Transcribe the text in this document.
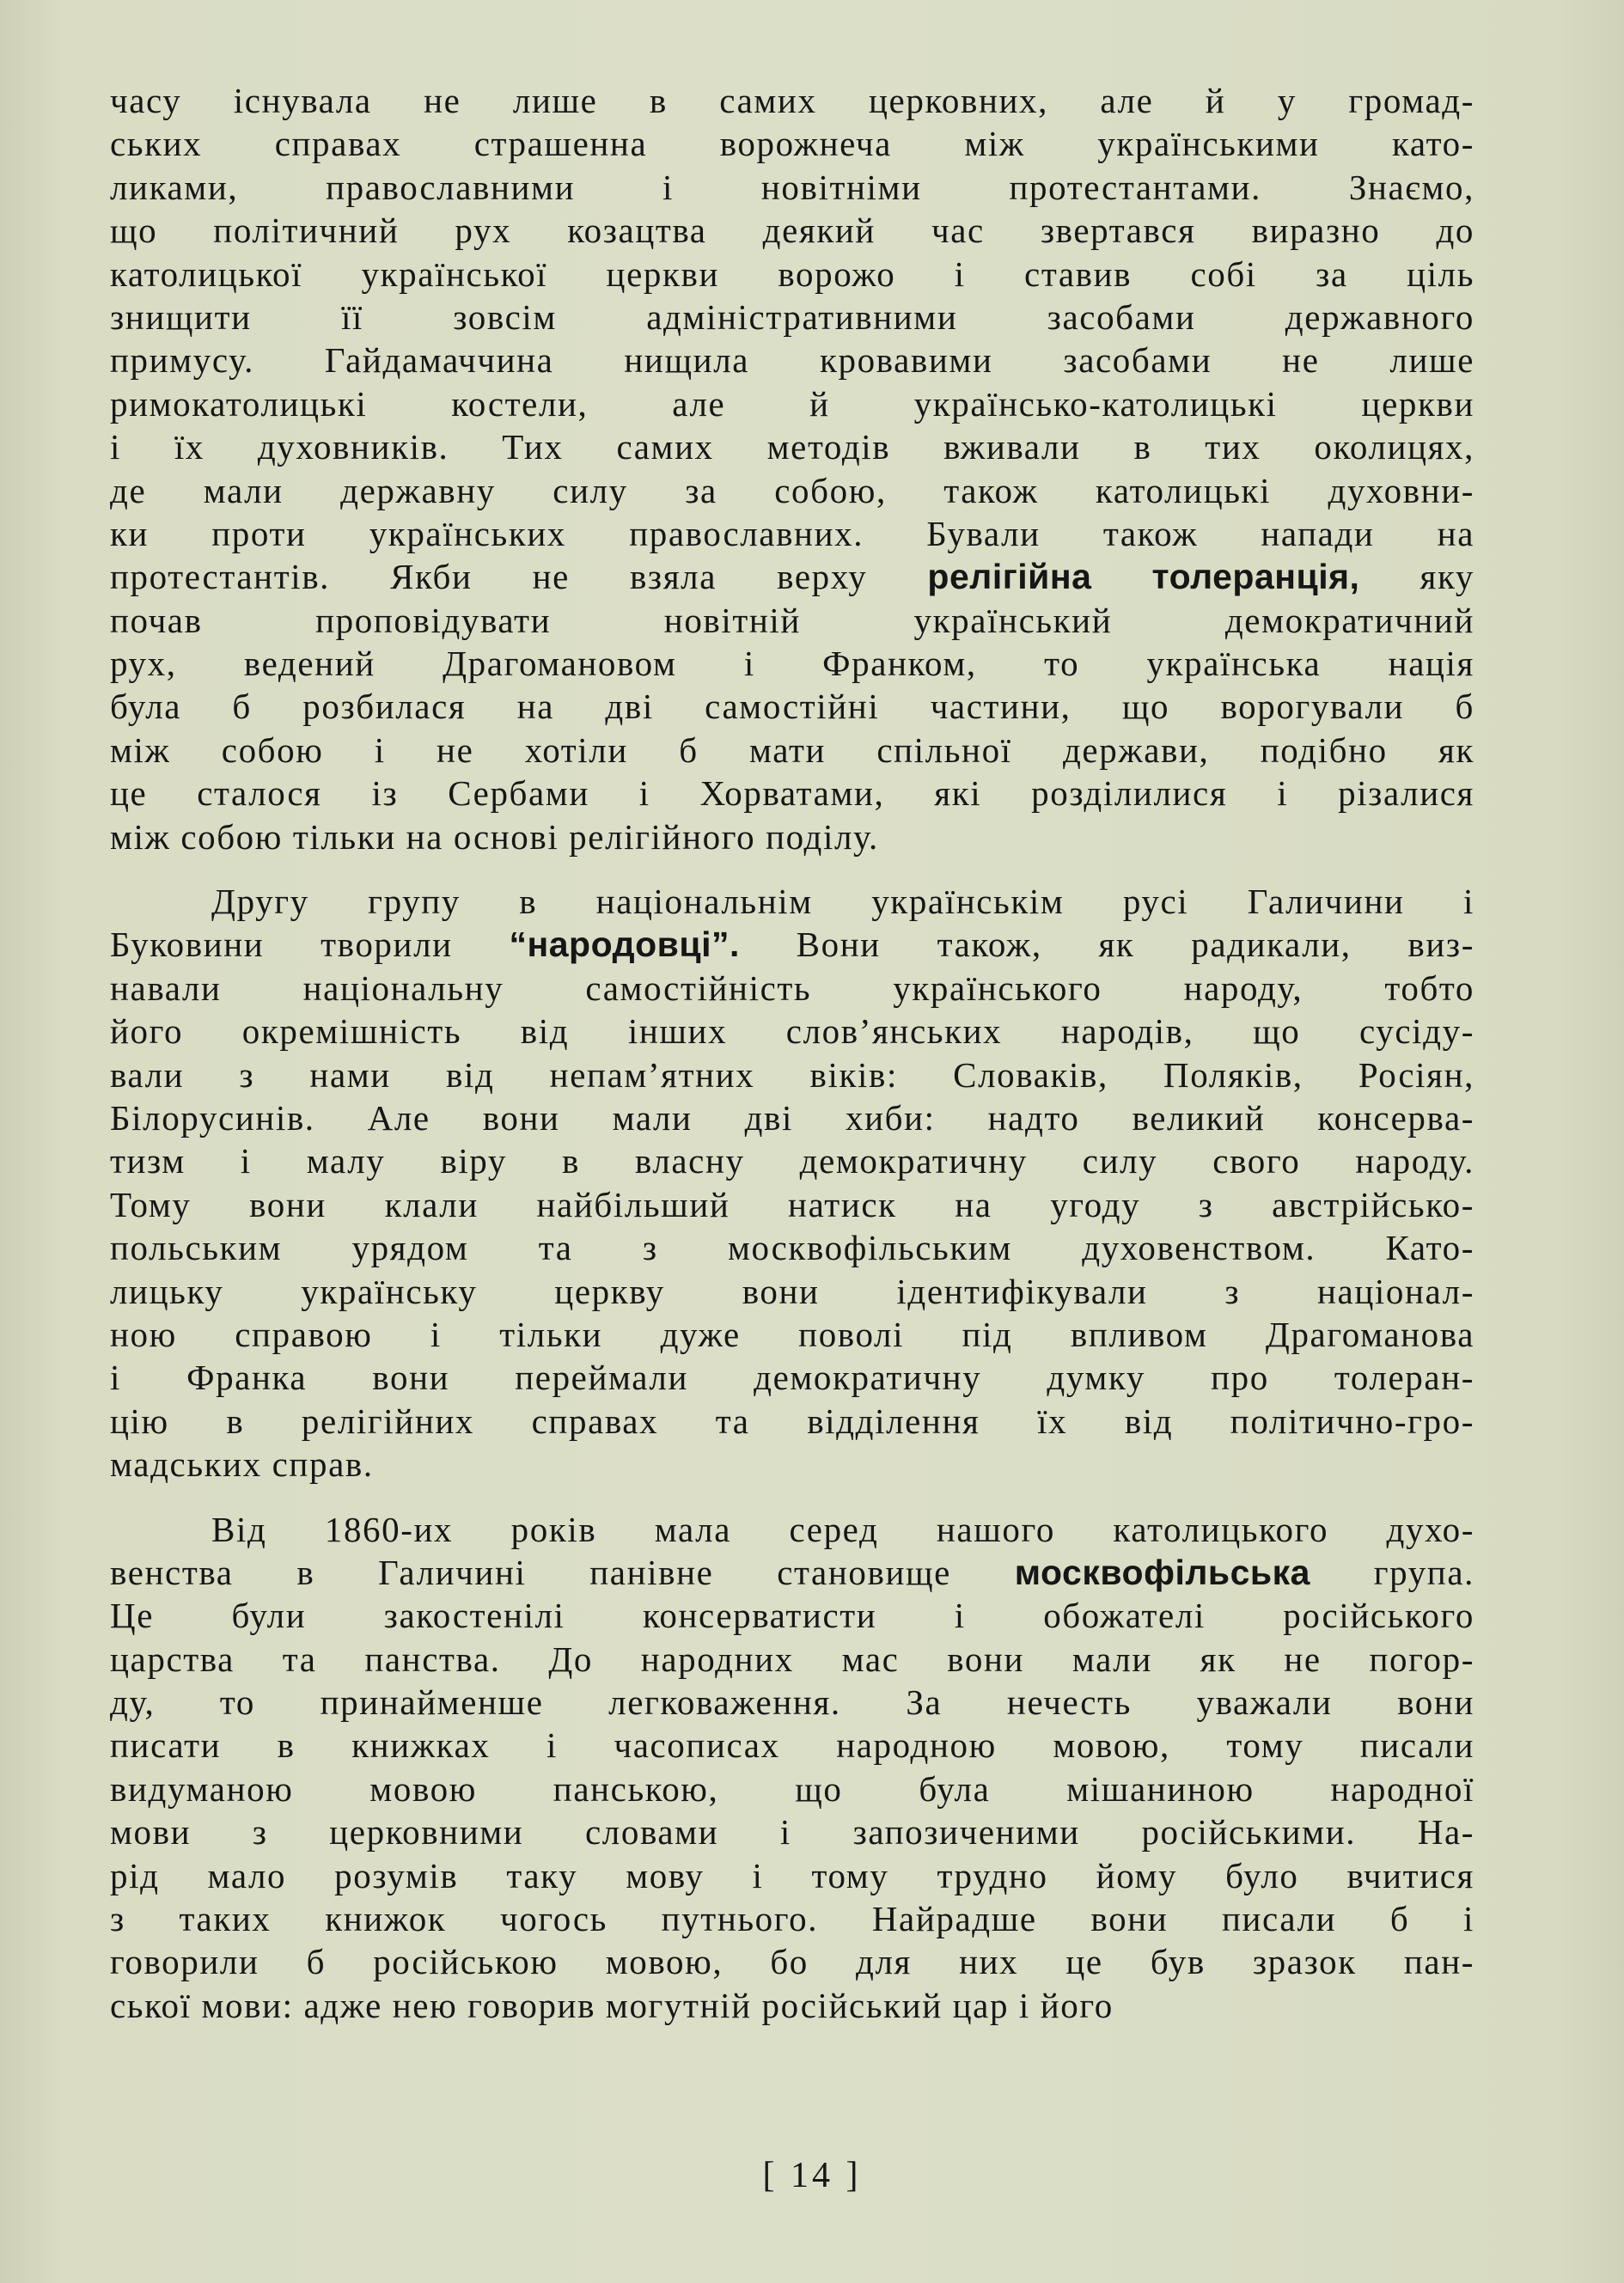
часу існувала не лише в самих церковних, але й у громад-
ських справах страшенна ворожнеча між українськими като-
ликами, православними і новітніми протестантами. Знаємо,
що політичний рух козацтва деякий час звертався виразно до
католицької української церкви ворожо і ставив собі за ціль
знищити її зовсім адміністративними засобами державного
примусу. Гайдамаччина нищила кровавими засобами не лише
римокатолицькі костели, але й українсько-католицькі церкви
і їх духовників. Тих самих методів вживали в тих околицях,
де мали державну силу за собою, також католицькі духовни-
ки проти українських православних. Бували також напади на
протестантів. Якби не взяла верху релігійна толеранція, яку
почав проповідувати новітній український демократичний
рух, ведений Драгомановом і Франком, то українська нація
була б розбилася на дві самостійні частини, що ворогували б
між собою і не хотіли б мати спільної держави, подібно як
це сталося із Сербами і Хорватами, які розділилися і різалися
між собою тільки на основі релігійного поділу.
Другу групу в національнім українськім русі Галичини і
Буковини творили “народовці”. Вони також, як радикали, виз-
навали національну самостійність українського народу, тобто
його окремішність від інших слов’янських народів, що сусіду-
вали з нами від непам’ятних віків: Словаків, Поляків, Росіян,
Білорусинів. Але вони мали дві хиби: надто великий консерва-
тизм і малу віру в власну демократичну силу свого народу.
Тому вони клали найбільший натиск на угоду з австрійсько-
польським урядом та з москвофільським духовенством. Като-
лицьку українську церкву вони ідентифікували з націонал-
ною справою і тільки дуже поволі під впливом Драгоманова
і Франка вони переймали демократичну думку про толеран-
цію в релігійних справах та відділення їх від політично-гро-
мадських справ.
Від 1860-их років мала серед нашого католицького духо-
венства в Галичині панівне становище москвофільська група.
Це були закостенілі консерватисти і обожателі російського
царства та панства. До народних мас вони мали як не погор-
ду, то принайменше легковаження. За нечесть уважали вони
писати в книжках і часописах народною мовою, тому писали
видуманою мовою панською, що була мішаниною народної
мови з церковними словами і запозиченими російськими. На-
рід мало розумів таку мову і тому трудно йому було вчитися
з таких книжок чогось путнього. Найрадше вони писали б і
говорили б російською мовою, бо для них це був зразок пан-
ської мови: адже нею говорив могутній російський цар і його
[ 14 ]
